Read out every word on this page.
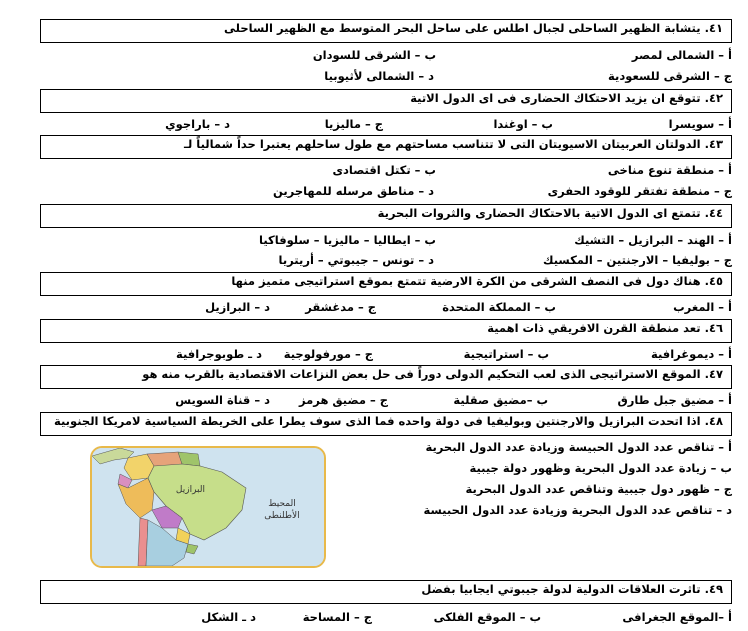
٤١. يتشابة الظهير الساحلى لجبال اطلس على ساحل البحر المتوسط مع الظهير الساحلى
أ – الشمالى لمصر
ب – الشرقى للسودان
ج – الشرقى للسعودية
د – الشمالى لأثيوبيا
٤٢. تتوقع ان يزيد الاحتكاك الحضارى فى اى الدول الاتية
أ – سويسرا
ب – اوغندا
ج – ماليزيا
د – باراجوي
٤٣. الدولتان العربيتان الاسيويتان التى لا تتناسب مساحتهم مع طول ساحلهم يعتبرا حداً شمالياً لـ
أ – منطقة تنوع مناخى
ب – تكتل اقتصادى
ج – منطقة تفتقر للوقود الحفرى
د – مناطق مرسله للمهاجرين
٤٤. تتمتع اى الدول الاتية بالاحتكاك الحضارى والثروات البحرية
أ – الهند – البرازيل – التشيك
ب – ايطاليا – ماليزيا – سلوفاكيا
ج – بوليفيا – الارجنتين – المكسيك
د – تونس – جيبوتي – أريتريا
٤٥. هناك دول فى النصف الشرقى من الكرة الارضية تتمتع بموقع استراتيجى متميز منها
أ – المغرب
ب – المملكة المتحدة
ج – مدغشقر
د – البرازيل
٤٦. تعد منطقة القرن الافريقي ذات اهمية
أ – ديموغرافية
ب – استراتيجية
ج – مورفولوجية
د ـ طوبوجرافية
٤٧. الموقع الاستراتيجى الذى لعب التحكيم الدولى دوراً فى حل بعض النزاعات الاقتصادية بالقرب منه هو
أ – مضيق جبل طارق
ب –مضيق صقلية
ج – مضيق هرمز
د – قناة السويس
٤٨. اذا اتحدت البرازيل والارجنتين وبوليفيا فى دولة واحده فما الذى سوف يطرا على الخريطة السياسية لامريكا الجنوبية
أ – تناقص عدد الدول الحبيسة وزيادة عدد الدول البحرية
ب – زيادة عدد الدول البحرية وظهور دولة جيبية
ج – ظهور دول جيبية وتناقص عدد الدول البحرية
د – تناقص عدد الدول البحرية وزيادة عدد الدول الحبيسة
البرازيل
المحيط
الأطلنطى
٤٩. تاثرت العلاقات الدولية لدولة جيبوتي ايجابيا بفضل
أ –الموقع الجغرافى
ب – الموقع الفلكى
ج – المساحة
د ـ الشكل
